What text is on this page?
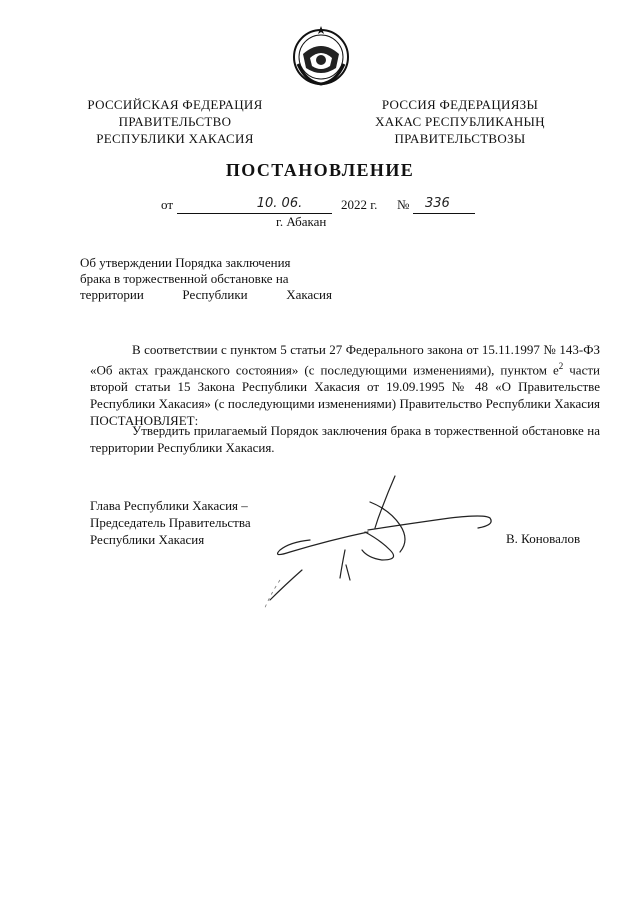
РОССИЙСКАЯ ФЕДЕРАЦИЯ
ПРАВИТЕЛЬСТВО
РЕСПУБЛИКИ ХАКАСИЯ
РОССИЯ ФЕДЕРАЦИЯЗЫ
ХАКАС РЕСПУБЛИКАНЫҢ
ПРАВИТЕЛЬСТВОЗЫ
ПОСТАНОВЛЕНИЕ
от	10. 06.	2022 г. №	336
г. Абакан
Об утверждении Порядка заключения
брака в торжественной обстановке на
территории Республики Хакасия
В соответствии с пунктом 5 статьи 27 Федерального закона от 15.11.1997 № 143-ФЗ «Об актах гражданского состояния» (с последующими изменениями), пунктом $е^2$ части второй статьи 15 Закона Республики Хакасия от 19.09.1995 № 48 «О Правительстве Республики Хакасия» (с последующими изменениями) Правительство Республики Хакасия ПОСТАНОВЛЯЕТ:
Утвердить прилагаемый Порядок заключения брака в торжественной обстановке на территории Республики Хакасия.
Глава Республики Хакасия –
Председатель Правительства
Республики Хакасия	В. Коновалов
